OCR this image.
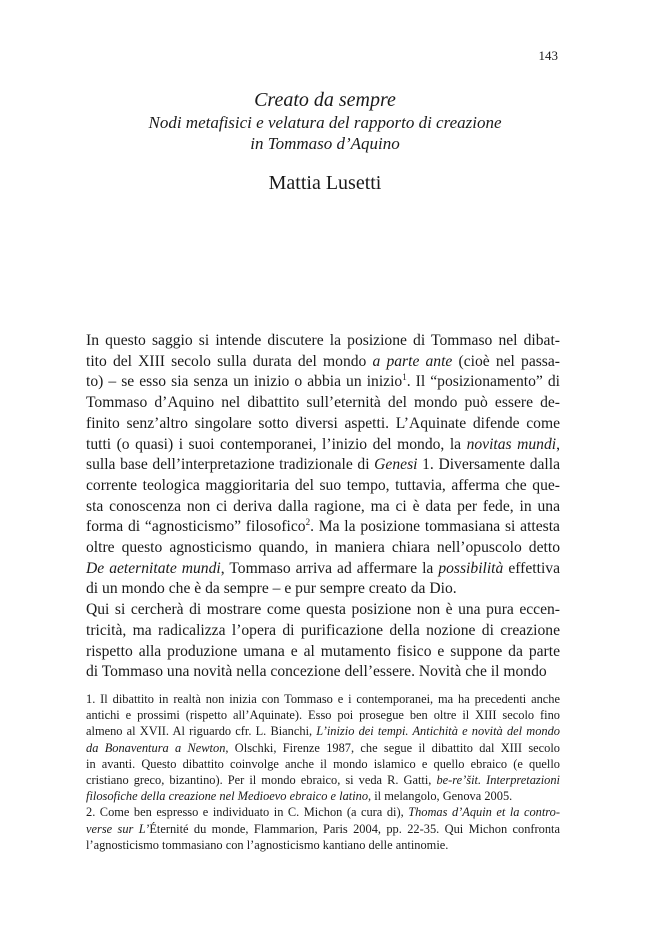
143
Creato da sempre
Nodi metafisici e velatura del rapporto di creazione
in Tommaso d’Aquino
Mattia Lusetti
In questo saggio si intende discutere la posizione di Tommaso nel dibat-
tito del XIII secolo sulla durata del mondo a parte ante (cioè nel passa-
to) – se esso sia senza un inizio o abbia un inizio$^1$. Il “posizionamento” di
Tommaso d’Aquino nel dibattito sull’eternità del mondo può essere de-
finito senz’altro singolare sotto diversi aspetti. L’Aquinate difende come
tutti (o quasi) i suoi contemporanei, l’inizio del mondo, la novitas mundi,
sulla base dell’interpretazione tradizionale di Genesi 1. Diversamente dalla
corrente teologica maggioritaria del suo tempo, tuttavia, afferma che que-
sta conoscenza non ci deriva dalla ragione, ma ci è data per fede, in una
forma di “agnosticismo” filosofico$^2$. Ma la posizione tommasiana si attesta
oltre questo agnosticismo quando, in maniera chiara nell’opuscolo detto
De aeternitate mundi, Tommaso arriva ad affermare la possibilità effettiva
di un mondo che è da sempre – e pur sempre creato da Dio.
Qui si cercherà di mostrare come questa posizione non è una pura eccen-
tricità, ma radicalizza l’opera di purificazione della nozione di creazione
rispetto alla produzione umana e al mutamento fisico e suppone da parte
di Tommaso una novità nella concezione dell’essere. Novità che il mondo
1. Il dibattito in realtà non inizia con Tommaso e i contemporanei, ma ha precedenti anche
antichi e prossimi (rispetto all’Aquinate). Esso poi prosegue ben oltre il XIII secolo fino
almeno al XVII. Al riguardo cfr. L. Bianchi, L’inizio dei tempi. Antichità e novità del mondo
da Bonaventura a Newton, Olschki, Firenze 1987, che segue il dibattito dal XIII secolo
in avanti. Questo dibattito coinvolge anche il mondo islamico e quello ebraico (e quello
cristiano greco, bizantino). Per il mondo ebraico, si veda R. Gatti, be-re’šit. Interpretazioni
filosofiche della creazione nel Medioevo ebraico e latino, il melangolo, Genova 2005.
2. Come ben espresso e individuato in C. Michon (a cura di), Thomas d’Aquin et la contro-
verse sur L’Éternité du monde, Flammarion, Paris 2004, pp. 22-35. Qui Michon confronta
l’agnosticismo tommasiano con l’agnosticismo kantiano delle antinomie.
